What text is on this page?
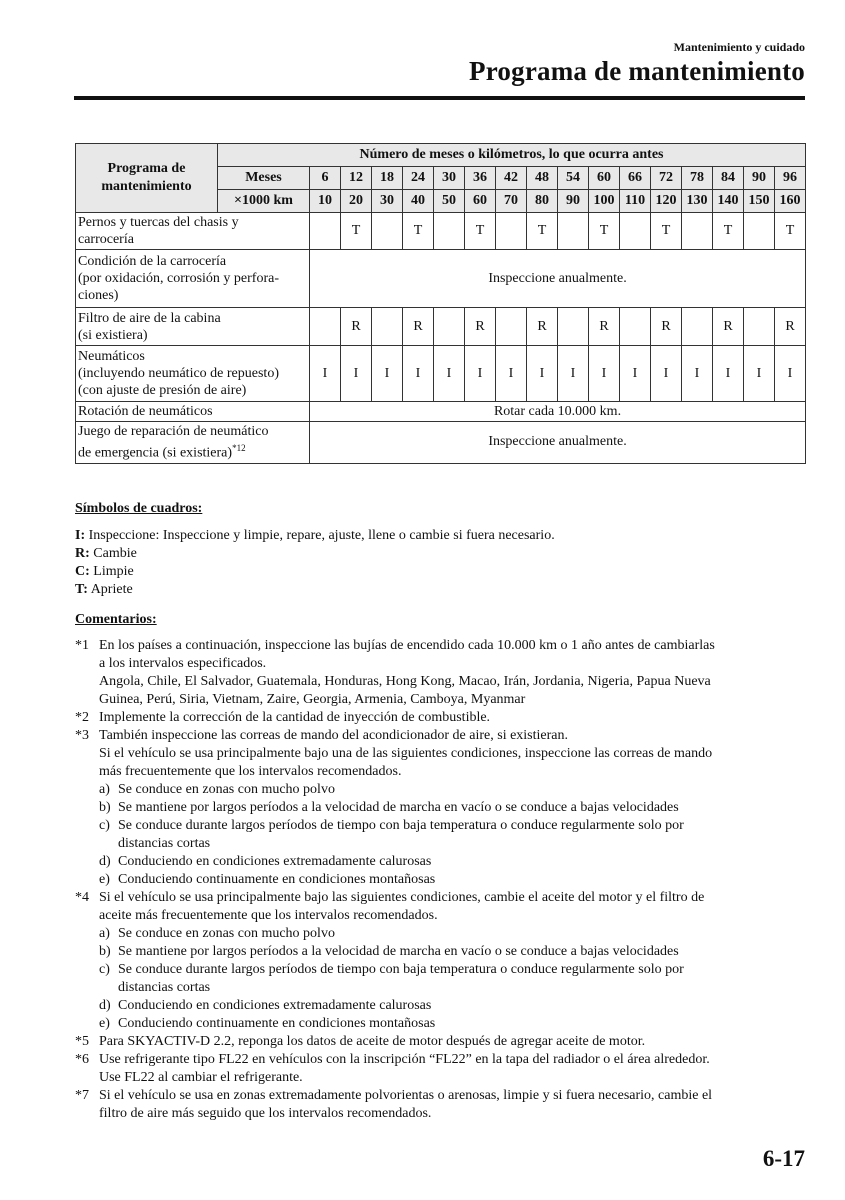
Mantenimiento y cuidado
Programa de mantenimiento
Programa de
mantenimiento	Número de meses o kilómetros, lo que ocurra antes																
	Meses	6	12	18	24	30	36	42	48	54	60	66	72	78	84	90	96
	×1000 km	10	20	30	40	50	60	70	80	90	100	110	120	130	140	150	160
Pernos y tuercas del chasis y
carrocería			T		T		T		T		T		T		T		T
Condición de la carrocería
(por oxidación, corrosión y perfora-
ciones)		Inspeccione anualmente.															
Filtro de aire de la cabina
(si existiera)			R		R		R		R		R		R		R		R
Neumáticos
(incluyendo neumático de repuesto)
(con ajuste de presión de aire)		I	I	I	I	I	I	I	I	I	I	I	I	I	I	I	I
Rotación de neumáticos		Rotar cada 10.000 km.															
Juego de reparación de neumático
de emergencia (si existiera)$^{*12}$		Inspeccione anualmente.															
Símbolos de cuadros:
I: Inspeccione: Inspeccione y limpie, repare, ajuste, llene o cambie si fuera necesario.
R: Cambie
C: Limpie
T: Apriete
Comentarios:
*1 En los países a continuación, inspeccione las bujías de encendido cada 10.000 km o 1 año antes de cambiarlas
a los intervalos especificados.
Angola, Chile, El Salvador, Guatemala, Honduras, Hong Kong, Macao, Irán, Jordania, Nigeria, Papua Nueva
Guinea, Perú, Siria, Vietnam, Zaire, Georgia, Armenia, Camboya, Myanmar
*2 Implemente la corrección de la cantidad de inyección de combustible.
*3 También inspeccione las correas de mando del acondicionador de aire, si existieran.
Si el vehículo se usa principalmente bajo una de las siguientes condiciones, inspeccione las correas de mando
más frecuentemente que los intervalos recomendados.
a) Se conduce en zonas con mucho polvo
b) Se mantiene por largos períodos a la velocidad de marcha en vacío o se conduce a bajas velocidades
c) Se conduce durante largos períodos de tiempo con baja temperatura o conduce regularmente solo por
distancias cortas
d) Conduciendo en condiciones extremadamente calurosas
e) Conduciendo continuamente en condiciones montañosas
*4 Si el vehículo se usa principalmente bajo las siguientes condiciones, cambie el aceite del motor y el filtro de
aceite más frecuentemente que los intervalos recomendados.
a) Se conduce en zonas con mucho polvo
b) Se mantiene por largos períodos a la velocidad de marcha en vacío o se conduce a bajas velocidades
c) Se conduce durante largos períodos de tiempo con baja temperatura o conduce regularmente solo por
distancias cortas
d) Conduciendo en condiciones extremadamente calurosas
e) Conduciendo continuamente en condiciones montañosas
*5 Para SKYACTIV-D 2.2, reponga los datos de aceite de motor después de agregar aceite de motor.
*6 Use refrigerante tipo FL22 en vehículos con la inscripción “FL22” en la tapa del radiador o el área alrededor.
Use FL22 al cambiar el refrigerante.
*7 Si el vehículo se usa en zonas extremadamente polvorientas o arenosas, limpie y si fuera necesario, cambie el
filtro de aire más seguido que los intervalos recomendados.
6-17
